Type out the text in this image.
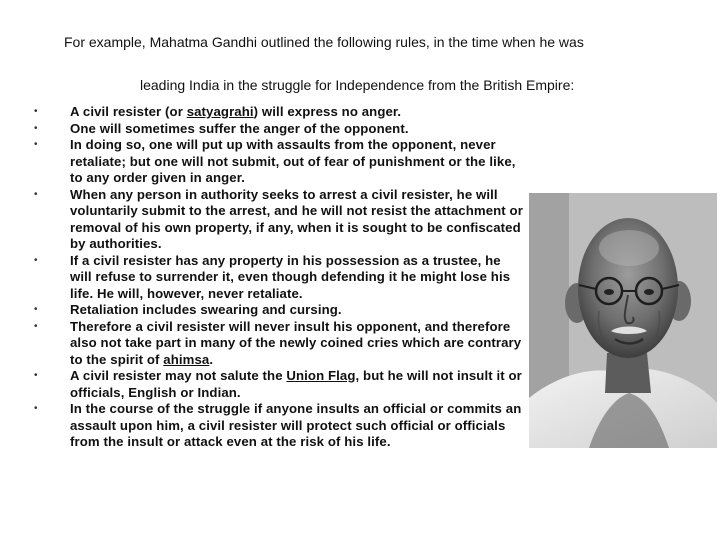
For example, Mahatma Gandhi outlined the following rules, in the time when he was
leading India in the struggle for Independence from the British Empire:
•	A civil resister (or satyagrahi) will express no anger.
•	One will sometimes suffer the anger of the opponent.
•	In doing so, one will put up with assaults from the opponent, never retaliate; but one will not submit, out of fear of punishment or the like, to any order given in anger.
•	When any person in authority seeks to arrest a civil resister, he will voluntarily submit to the arrest, and he will not resist the attachment or removal of his own property, if any, when it is sought to be confiscated by authorities.
•	If a civil resister has any property in his possession as a trustee, he will refuse to surrender it, even though defending it he might lose his life. He will, however, never retaliate.
•	Retaliation includes swearing and cursing.
•	Therefore a civil resister will never insult his opponent, and therefore also not take part in many of the newly coined cries which are contrary to the spirit of ahimsa.
•	A civil resister may not salute the Union Flag, but he will not insult it or officials, English or Indian.
•	In the course of the struggle if anyone insults an official or commits an assault upon him, a civil resister will protect such official or officials from the insult or attack even at the risk of his life.
